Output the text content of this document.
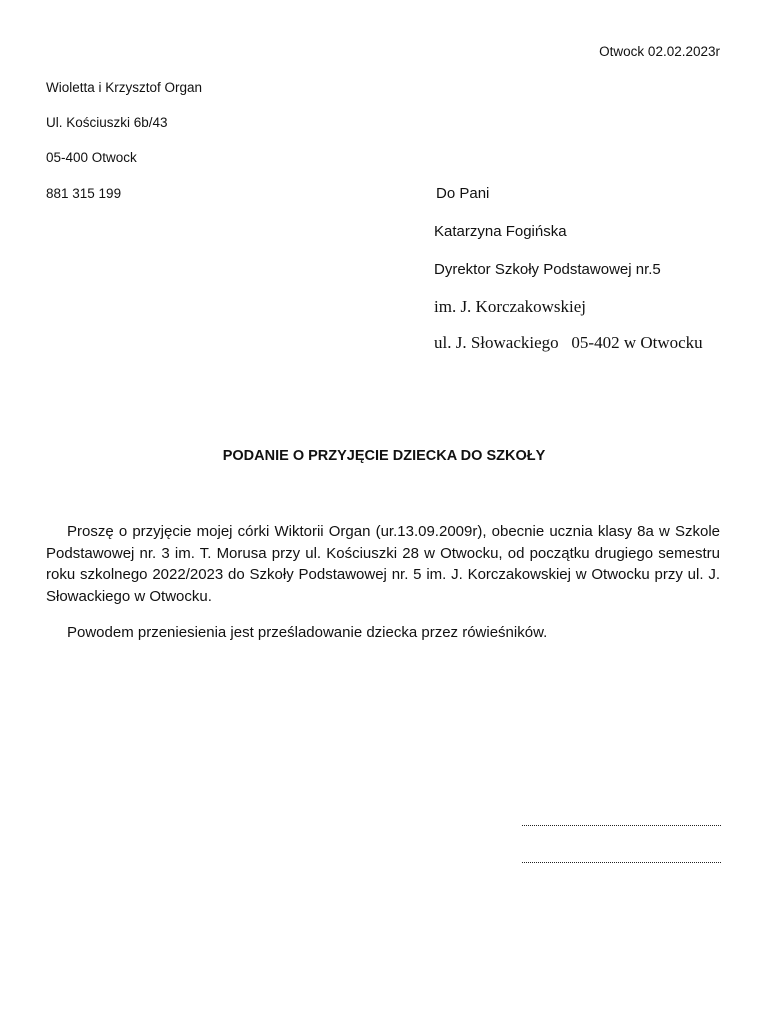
Otwock 02.02.2023r
Wioletta i Krzysztof Organ
Ul. Kościuszki 6b/43
05-400 Otwock
881 315 199	Do Pani
Katarzyna Fogińska
Dyrektor Szkoły Podstawowej nr.5
im. J. Korczakowskiej
ul. J. Słowackiego   05-402 w Otwocku
PODANIE O PRZYJĘCIE DZIECKA DO SZKOŁY

Proszę o przyjęcie mojej córki Wiktorii Organ (ur.13.09.2009r), obecnie ucznia klasy 8a w Szkole Podstawowej nr. 3 im. T. Morusa przy ul. Kościuszki 28 w Otwocku, od początku drugiego semestru roku szkolnego 2022/2023 do Szkoły Podstawowej nr. 5 im. J. Korczakowskiej w Otwocku przy ul. J. Słowackiego w Otwocku.

Powodem przeniesienia jest prześladowanie dziecka przez rówieśników.
